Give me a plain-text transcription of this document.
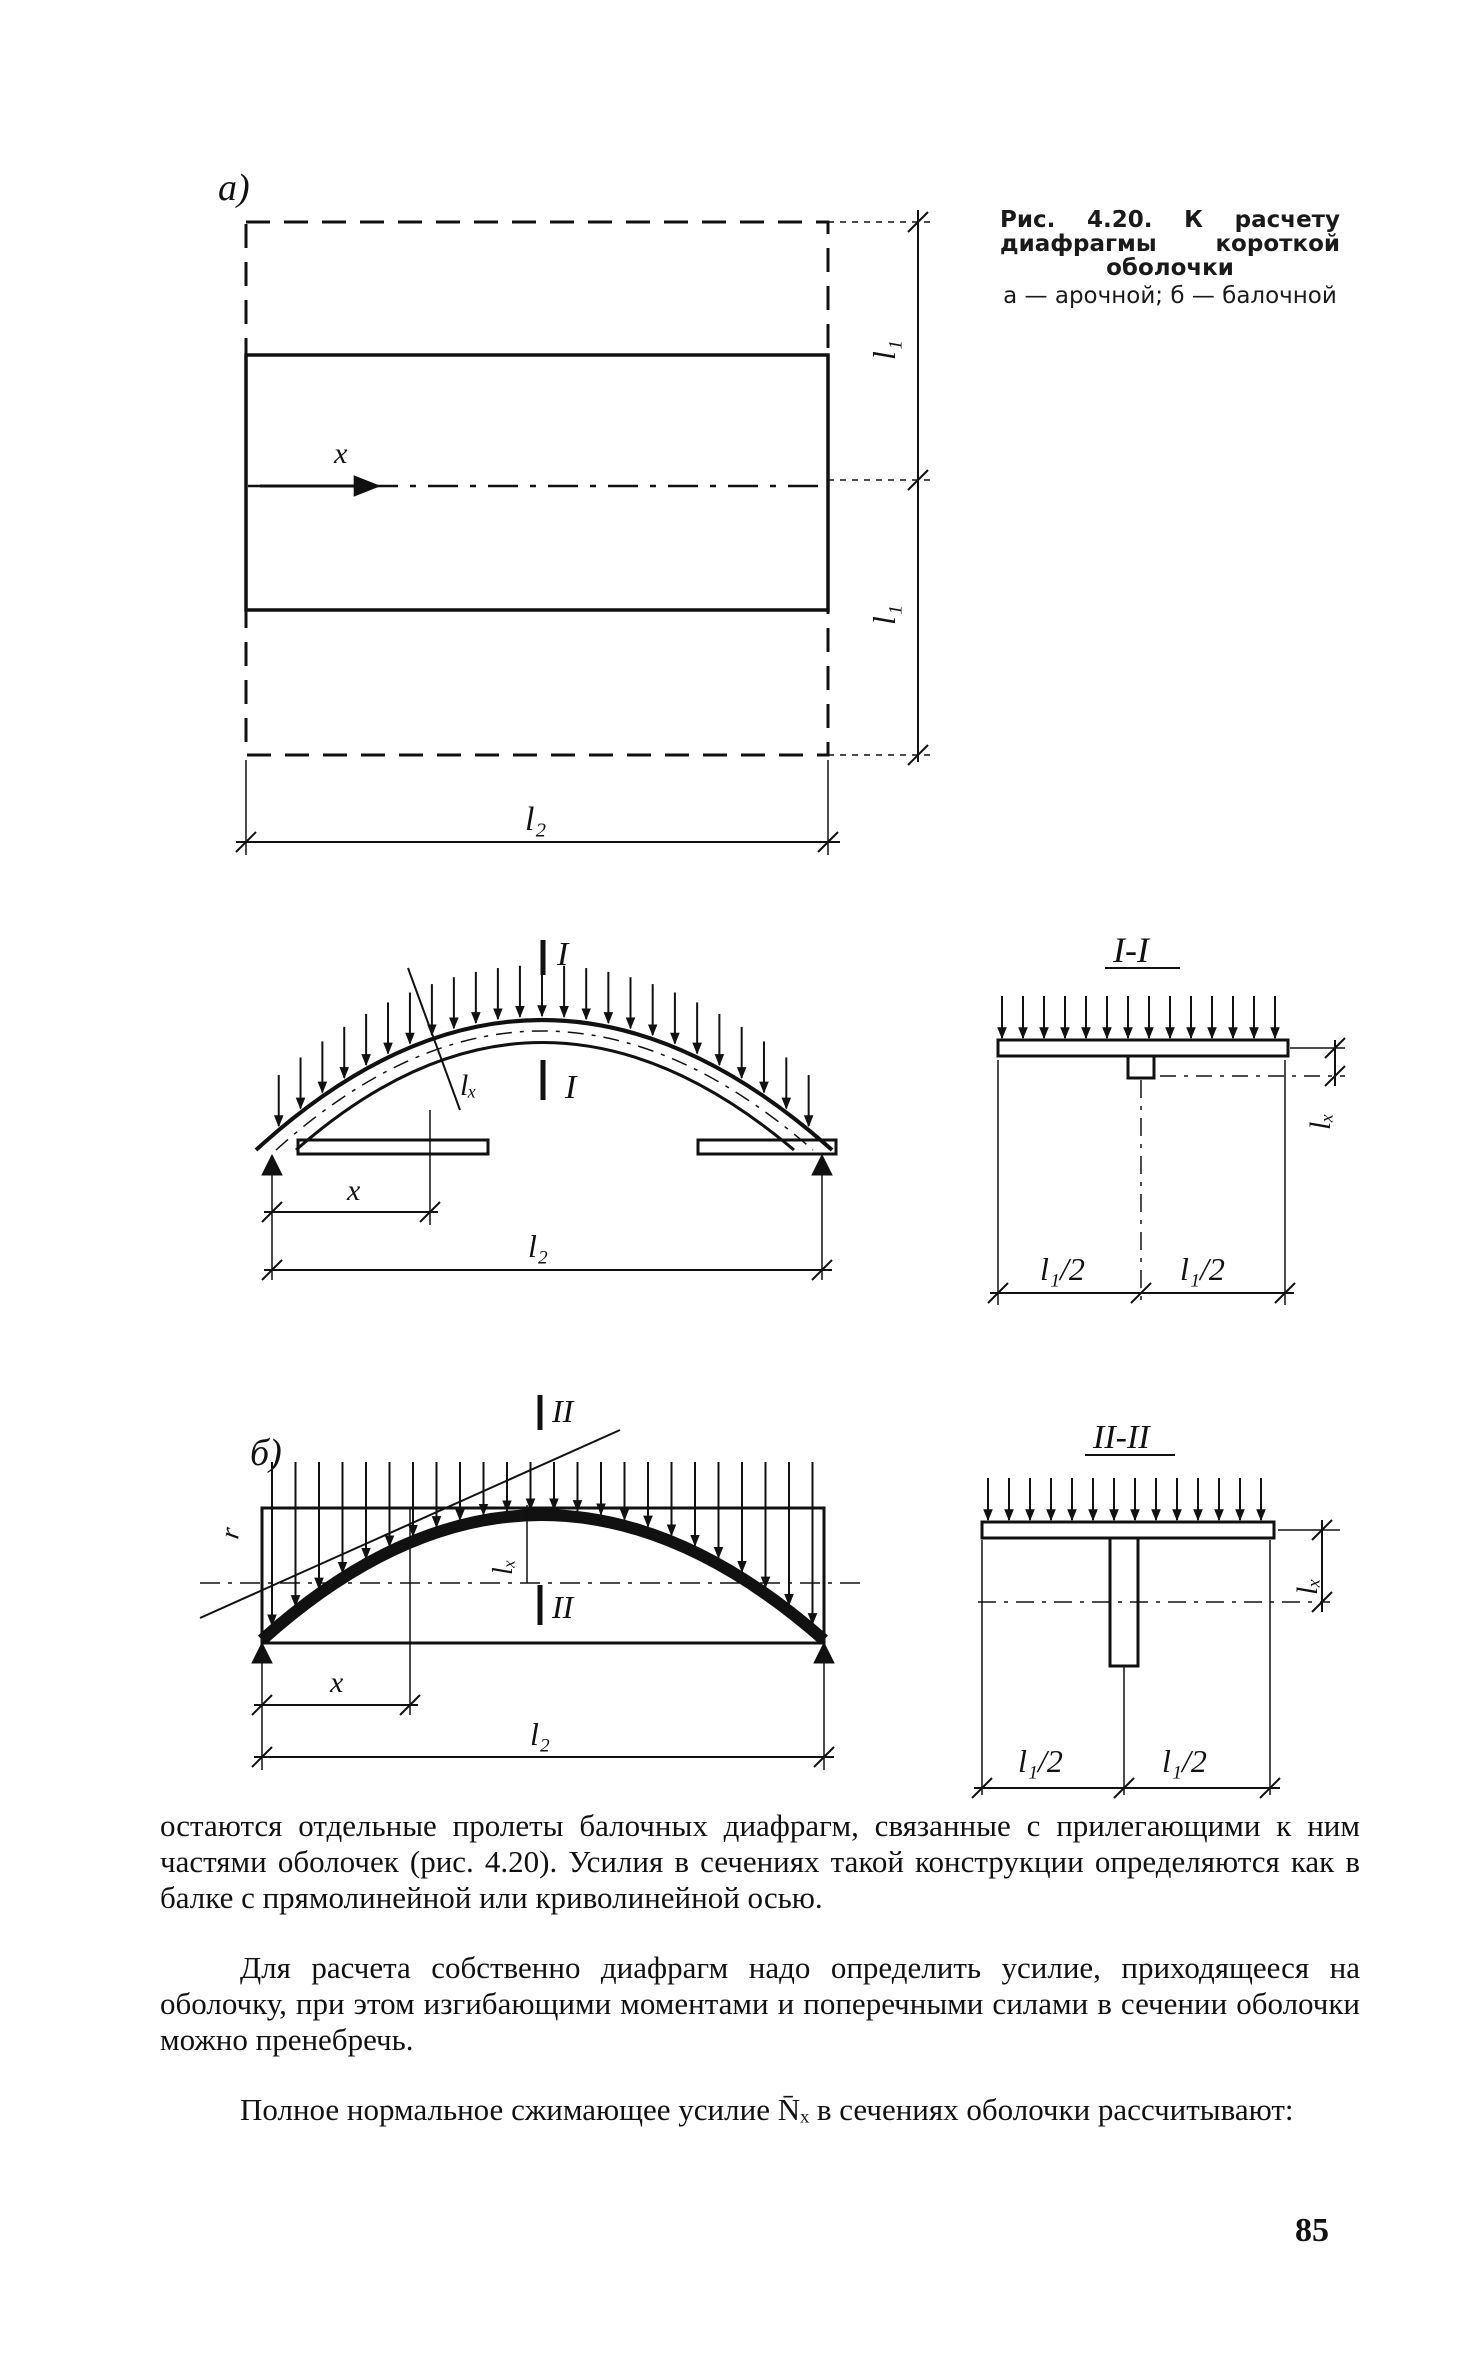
а)
x
l₁
l₁
l₂
lₓ
I
I
x
l₂
I-I
lₓ
l₁/2	l₁/2
б)
r
II
II
lₓ
x
l₂
II-II
lₓ
l₁/2	l₁/2
Рис. 4.20. К расчету диафрагмы короткой оболочки
а — арочной; б — балочной

остаются отдельные пролеты балочных диафрагм, связанные с прилегающими к ним частями оболочек (рис. 4.20). Усилия в сечениях такой конструкции определяются как в балке с прямолинейной или криволинейной осью.

Для расчета собственно диафрагм надо определить усилие, приходящееся на оболочку, при этом изгибающими моментами и поперечными силами в сечении оболочки можно пренебречь.

Полное нормальное сжимающее усилие N̄ₓ в сечениях оболочки рассчитывают:

85
